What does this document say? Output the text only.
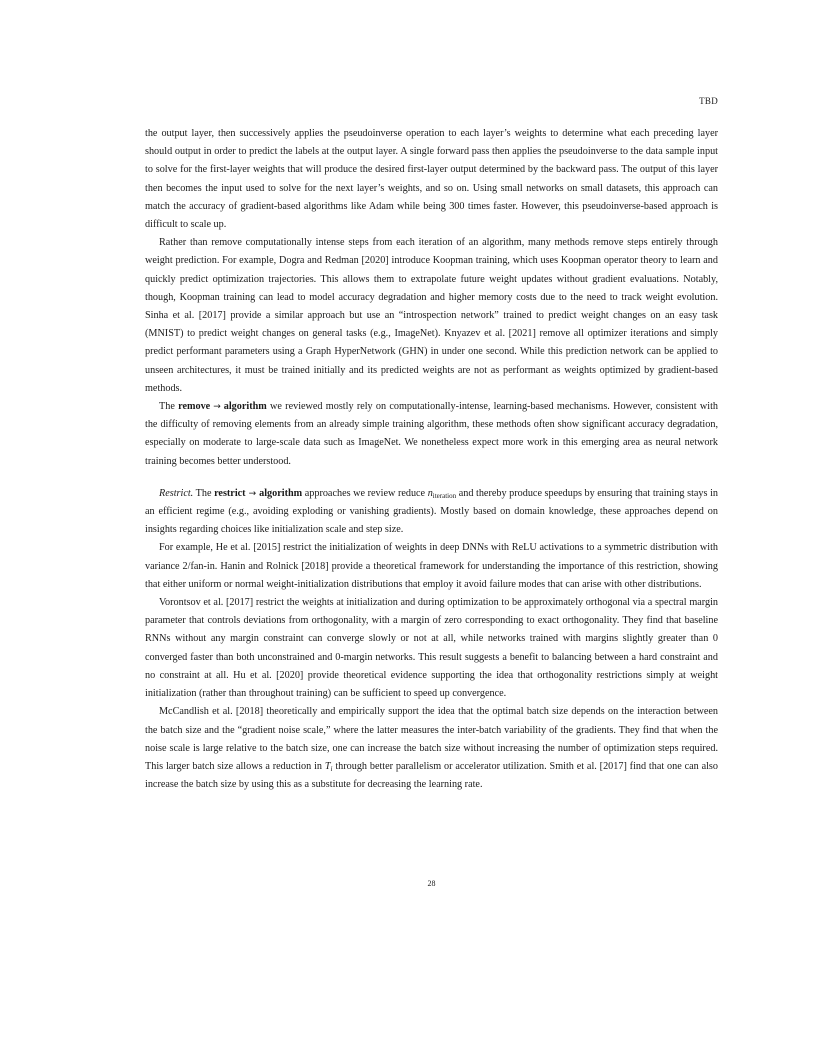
TBD

the output layer, then successively applies the pseudoinverse operation to each layer’s weights to determine what each preceding layer should output in order to predict the labels at the output layer. A single forward pass then applies the pseudoinverse to the data sample input to solve for the first-layer weights that will produce the desired first-layer output determined by the backward pass. The output of this layer then becomes the input used to solve for the next layer’s weights, and so on. Using small networks on small datasets, this approach can match the accuracy of gradient-based algorithms like Adam while being 300 times faster. However, this pseudoinverse-based approach is difficult to scale up.

Rather than remove computationally intense steps from each iteration of an algorithm, many methods remove steps entirely through weight prediction. For example, Dogra and Redman [2020] introduce Koopman training, which uses Koopman operator theory to learn and quickly predict optimization trajectories. This allows them to extrapolate future weight updates without gradient evaluations. Notably, though, Koopman training can lead to model accuracy degradation and higher memory costs due to the need to track weight evolution. Sinha et al. [2017] provide a similar approach but use an “introspection network” trained to predict weight changes on an easy task (MNIST) to predict weight changes on general tasks (e.g., ImageNet). Knyazev et al. [2021] remove all optimizer iterations and simply predict performant parameters using a Graph HyperNetwork (GHN) in under one second. While this prediction network can be applied to unseen architectures, it must be trained initially and its predicted weights are not as performant as weights optimized by gradient-based methods.

The remove → algorithm we reviewed mostly rely on computationally-intense, learning-based mechanisms. However, consistent with the difficulty of removing elements from an already simple training algorithm, these methods often show significant accuracy degradation, especially on moderate to large-scale data such as ImageNet. We nonetheless expect more work in this emerging area as neural network training becomes better understood.

Restrict. The restrict → algorithm approaches we review reduce $n_{iteration}$ and thereby produce speedups by ensuring that training stays in an efficient regime (e.g., avoiding exploding or vanishing gradients). Mostly based on domain knowledge, these approaches depend on insights regarding choices like initialization scale and step size.

For example, He et al. [2015] restrict the initialization of weights in deep DNNs with ReLU activations to a symmetric distribution with variance 2/fan-in. Hanin and Rolnick [2018] provide a theoretical framework for understanding the importance of this restriction, showing that either uniform or normal weight-initialization distributions that employ it avoid failure modes that can arise with other distributions.

Vorontsov et al. [2017] restrict the weights at initialization and during optimization to be approximately orthogonal via a spectral margin parameter that controls deviations from orthogonality, with a margin of zero corresponding to exact orthogonality. They find that baseline RNNs without any margin constraint can converge slowly or not at all, while networks trained with margins slightly greater than 0 converged faster than both unconstrained and 0-margin networks. This result suggests a benefit to balancing between a hard constraint and no constraint at all. Hu et al. [2020] provide theoretical evidence supporting the idea that orthogonality restrictions simply at weight initialization (rather than throughout training) can be sufficient to speed up convergence.

McCandlish et al. [2018] theoretically and empirically support the idea that the optimal batch size depends on the interaction between the batch size and the “gradient noise scale,” where the latter measures the inter-batch variability of the gradients. They find that when the noise scale is large relative to the batch size, one can increase the batch size without increasing the number of optimization steps required. This larger batch size allows a reduction in $T_i$ through better parallelism or accelerator utilization. Smith et al. [2017] find that one can also increase the batch size by using this as a substitute for decreasing the learning rate.

28
